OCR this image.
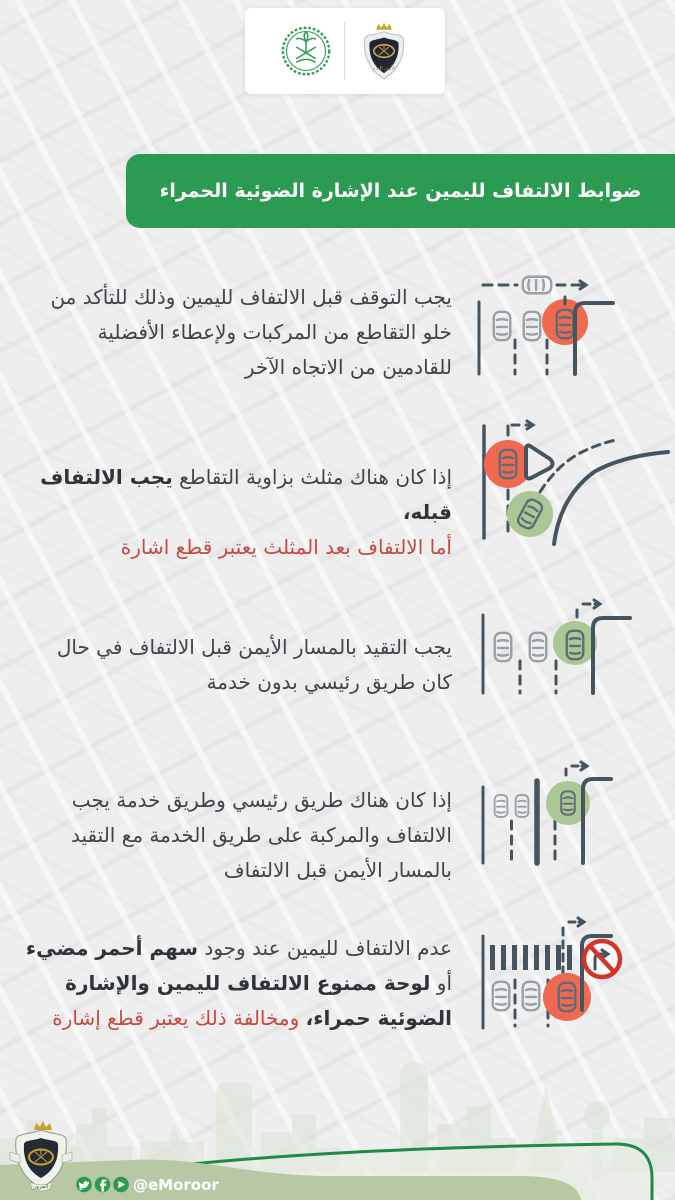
الأمن العام
ضوابط الالتفاف لليمين عند الإشارة الضوئية الحمراء
يجب التوقف قبل الالتفاف لليمين وذلك للتأكد من خلو التقاطع من المركبات ولإعطاء الأفضلية للقادمين من الاتجاه الآخر
إذا كان هناك مثلث بزاوية التقاطع يجب الالتفاف قبله،
أما الالتفاف بعد المثلث يعتبر قطع اشارة
يجب التقيد بالمسار الأيمن قبل الالتفاف في حال كان طريق رئيسي بدون خدمة
إذا كان هناك طريق رئيسي وطريق خدمة يجب الالتفاف والمركبة على طريق الخدمة مع التقيد بالمسار الأيمن قبل الالتفاف
عدم الالتفاف لليمين عند وجود سهم أحمر مضيء أو لوحة ممنوع الالتفاف لليمين والإشارة الضوئية حمراء، ومخالفة ذلك يعتبر قطع إشارة
@eMoroor
المرور
